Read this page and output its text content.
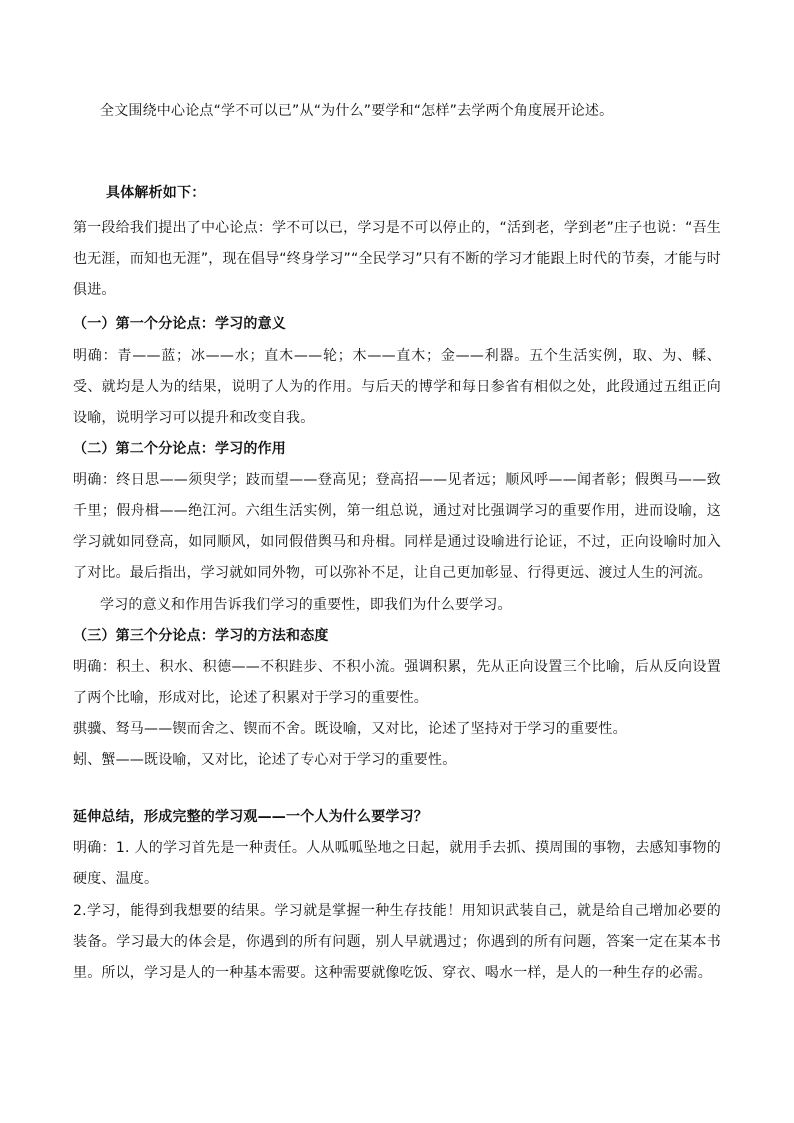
全文围绕中心论点“学不可以已”从“为什么”要学和“怎样”去学两个角度展开论述。

具体解析如下：

第一段给我们提出了中心论点：学不可以已，学习是不可以停止的，“活到老，学到老”庄子也说：“吾生也无涯，而知也无涯”，现在倡导“终身学习”“全民学习”只有不断的学习才能跟上时代的节奏，才能与时俱进。

（一）第一个分论点：学习的意义

明确：青——蓝；冰——水；直木——轮；木——直木；金——利器。五个生活实例，取、为、輮、受、就均是人为的结果，说明了人为的作用。与后天的博学和每日参省有相似之处，此段通过五组正向设喻，说明学习可以提升和改变自我。

（二）第二个分论点：学习的作用

明确：终日思——须臾学；跂而望——登高见；登高招——见者远；顺风呼——闻者彰；假舆马——致千里；假舟楫——绝江河。六组生活实例，第一组总说，通过对比强调学习的重要作用，进而设喻，这学习就如同登高，如同顺风，如同假借舆马和舟楫。同样是通过设喻进行论证，不过，正向设喻时加入了对比。最后指出，学习就如同外物，可以弥补不足，让自己更加彰显、行得更远、渡过人生的河流。

学习的意义和作用告诉我们学习的重要性，即我们为什么要学习。

（三）第三个分论点：学习的方法和态度

明确：积土、积水、积德——不积跬步、不积小流。强调积累，先从正向设置三个比喻，后从反向设置了两个比喻，形成对比，论述了积累对于学习的重要性。

骐骥、驽马——锲而舍之、锲而不舍。既设喻，又对比，论述了坚持对于学习的重要性。

蚓、蟹——既设喻，又对比，论述了专心对于学习的重要性。

延伸总结，形成完整的学习观——一个人为什么要学习？

明确：1. 人的学习首先是一种责任。人从呱呱坠地之日起，就用手去抓、摸周围的事物，去感知事物的硬度、温度。

2.学习，能得到我想要的结果。学习就是掌握一种生存技能！用知识武装自己，就是给自己增加必要的装备。学习最大的体会是，你遇到的所有问题，别人早就遇过；你遇到的所有问题，答案一定在某本书里。所以，学习是人的一种基本需要。这种需要就像吃饭、穿衣、喝水一样，是人的一种生存的必需。
